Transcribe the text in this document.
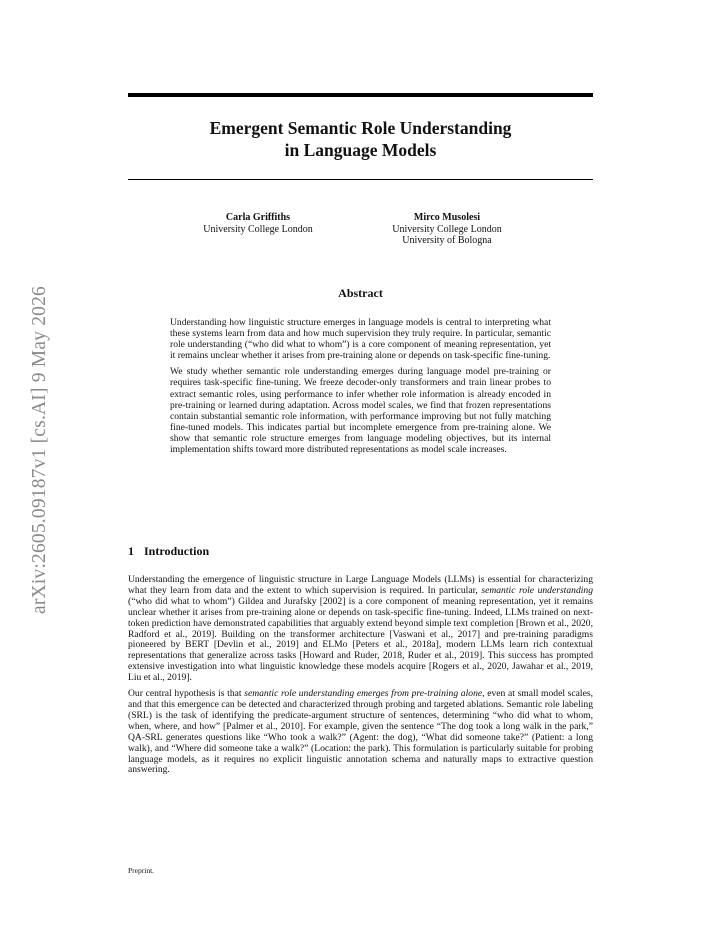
arXiv:2605.09187v1 [cs.AI] 9 May 2026
Emergent Semantic Role Understanding
in Language Models
Carla Griffiths
University College London
Mirco Musolesi
University College London
University of Bologna
Abstract

Understanding how linguistic structure emerges in language models is central to interpreting what these systems learn from data and how much supervision they truly require. In particular, semantic role understanding (“who did what to whom”) is a core component of meaning representation, yet it remains unclear whether it arises from pre-training alone or depends on task-specific fine-tuning.

We study whether semantic role understanding emerges during language model pre-training or requires task-specific fine-tuning. We freeze decoder-only transformers and train linear probes to extract semantic roles, using performance to infer whether role information is already encoded in pre-training or learned during adaptation. Across model scales, we find that frozen representations contain substantial semantic role information, with performance improving but not fully matching fine-tuned models. This indicates partial but incomplete emergence from pre-training alone. We show that semantic role structure emerges from language modeling objectives, but its internal implementation shifts toward more distributed representations as model scale increases.

1 Introduction

Understanding the emergence of linguistic structure in Large Language Models (LLMs) is essential for characterizing what they learn from data and the extent to which supervision is required. In particular, semantic role understanding (“who did what to whom”) Gildea and Jurafsky [2002] is a core component of meaning representation, yet it remains unclear whether it arises from pre-training alone or depends on task-specific fine-tuning. Indeed, LLMs trained on next-token prediction have demonstrated capabilities that arguably extend beyond simple text completion [Brown et al., 2020, Radford et al., 2019]. Building on the transformer architecture [Vaswani et al., 2017] and pre-training paradigms pioneered by BERT [Devlin et al., 2019] and ELMo [Peters et al., 2018a], modern LLMs learn rich contextual representations that generalize across tasks [Howard and Ruder, 2018, Ruder et al., 2019]. This success has prompted extensive investigation into what linguistic knowledge these models acquire [Rogers et al., 2020, Jawahar et al., 2019, Liu et al., 2019].

Our central hypothesis is that semantic role understanding emerges from pre-training alone, even at small model scales, and that this emergence can be detected and characterized through probing and targeted ablations. Semantic role labeling (SRL) is the task of identifying the predicate-argument structure of sentences, determining “who did what to whom, when, where, and how” [Palmer et al., 2010]. For example, given the sentence “The dog took a long walk in the park,” QA-SRL generates questions like “Who took a walk?” (Agent: the dog), “What did someone take?” (Patient: a long walk), and “Where did someone take a walk?” (Location: the park). This formulation is particularly suitable for probing language models, as it requires no explicit linguistic annotation schema and naturally maps to extractive question answering.

Preprint.
